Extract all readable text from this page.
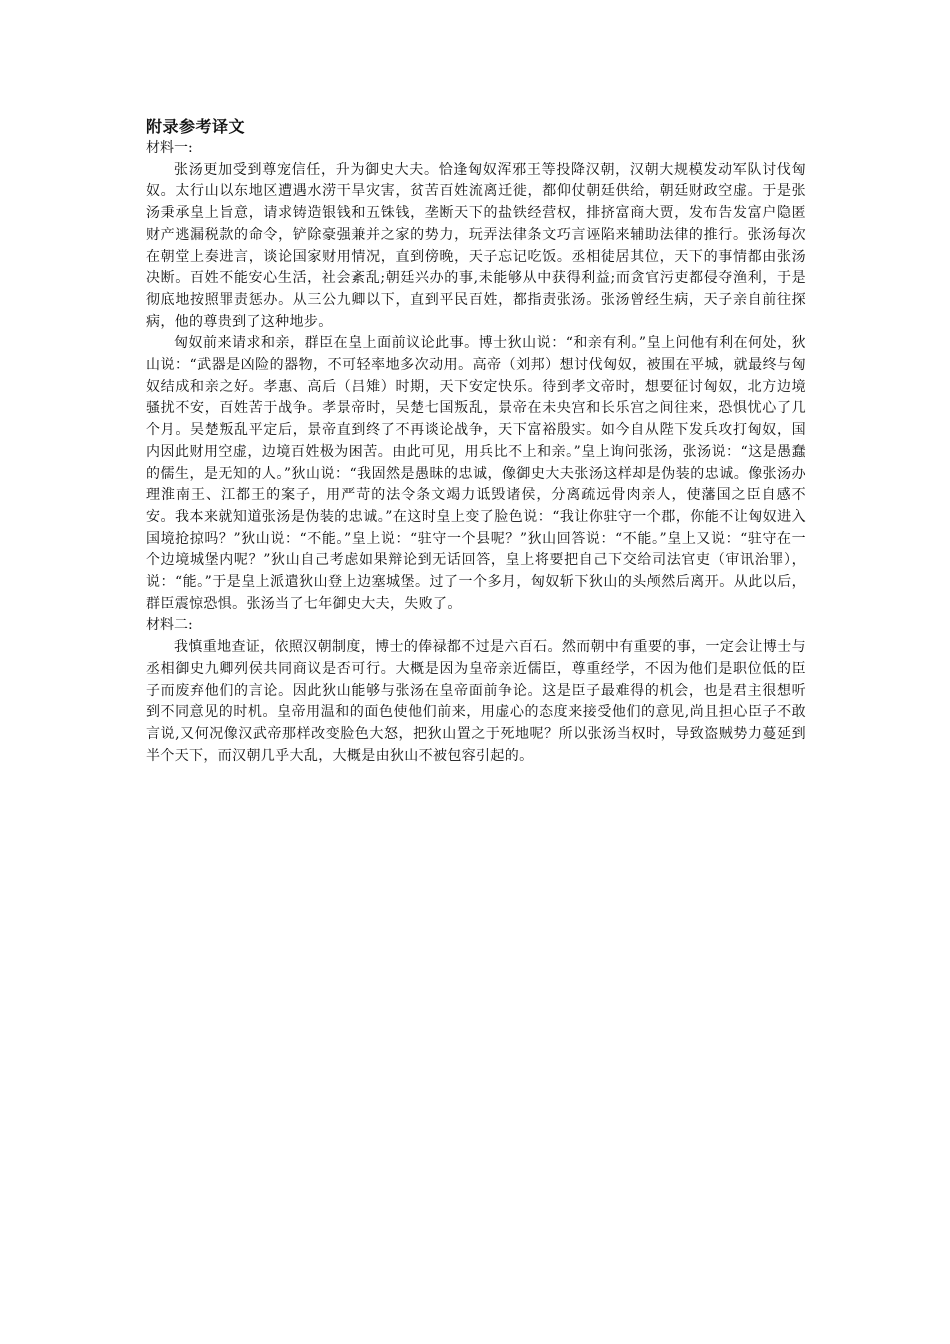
附录参考译文
材料一:

张汤更加受到尊宠信任，升为御史大夫。恰逢匈奴浑邪王等投降汉朝，汉朝大规模发动军队讨伐匈奴。太行山以东地区遭遇水涝干旱灾害，贫苦百姓流离迁徙，都仰仗朝廷供给，朝廷财政空虚。于是张汤秉承皇上旨意，请求铸造银钱和五铢钱，垄断天下的盐铁经营权，排挤富商大贾，发布告发富户隐匿财产逃漏税款的命令，铲除豪强兼并之家的势力，玩弄法律条文巧言诬陷来辅助法律的推行。张汤每次在朝堂上奏进言，谈论国家财用情况，直到傍晚，天子忘记吃饭。丞相徒居其位，天下的事情都由张汤决断。百姓不能安心生活，社会紊乱;朝廷兴办的事,未能够从中获得利益;而贪官污吏都侵夺渔利，于是彻底地按照罪责惩办。从三公九卿以下，直到平民百姓，都指责张汤。张汤曾经生病，天子亲自前往探病，他的尊贵到了这种地步。

匈奴前来请求和亲，群臣在皇上面前议论此事。博士狄山说：“和亲有利。”皇上问他有利在何处，狄山说：“武器是凶险的器物，不可轻率地多次动用。高帝（刘邦）想讨伐匈奴，被围在平城，就最终与匈奴结成和亲之好。孝惠、高后（吕雉）时期，天下安定快乐。待到孝文帝时，想要征讨匈奴，北方边境骚扰不安，百姓苦于战争。孝景帝时，吴楚七国叛乱，景帝在未央宫和长乐宫之间往来，恐惧忧心了几个月。吴楚叛乱平定后，景帝直到终了不再谈论战争，天下富裕殷实。如今自从陛下发兵攻打匈奴，国内因此财用空虚，边境百姓极为困苦。由此可见，用兵比不上和亲。”皇上询问张汤，张汤说：“这是愚蠢的儒生，是无知的人。”狄山说：“我固然是愚昧的忠诚，像御史大夫张汤这样却是伪装的忠诚。像张汤办理淮南王、江都王的案子，用严苛的法令条文竭力诋毁诸侯，分离疏远骨肉亲人，使藩国之臣自感不安。我本来就知道张汤是伪装的忠诚。”在这时皇上变了脸色说：“我让你驻守一个郡，你能不让匈奴进入国境抢掠吗？”狄山说：“不能。”皇上说：“驻守一个县呢？”狄山回答说：“不能。”皇上又说：“驻守在一个边境城堡内呢？”狄山自己考虑如果辩论到无话回答，皇上将要把自己下交给司法官吏（审讯治罪），说：“能。”于是皇上派遣狄山登上边塞城堡。过了一个多月，匈奴斩下狄山的头颅然后离开。从此以后，群臣震惊恐惧。张汤当了七年御史大夫，失败了。

材料二:

我慎重地查证，依照汉朝制度，博士的俸禄都不过是六百石。然而朝中有重要的事，一定会让博士与丞相御史九卿列侯共同商议是否可行。大概是因为皇帝亲近儒臣，尊重经学，不因为他们是职位低的臣子而废弃他们的言论。因此狄山能够与张汤在皇帝面前争论。这是臣子最难得的机会，也是君主很想听到不同意见的时机。皇帝用温和的面色使他们前来，用虚心的态度来接受他们的意见,尚且担心臣子不敢言说,又何况像汉武帝那样改变脸色大怒，把狄山置之于死地呢？所以张汤当权时，导致盗贼势力蔓延到半个天下，而汉朝几乎大乱，大概是由狄山不被包容引起的。
